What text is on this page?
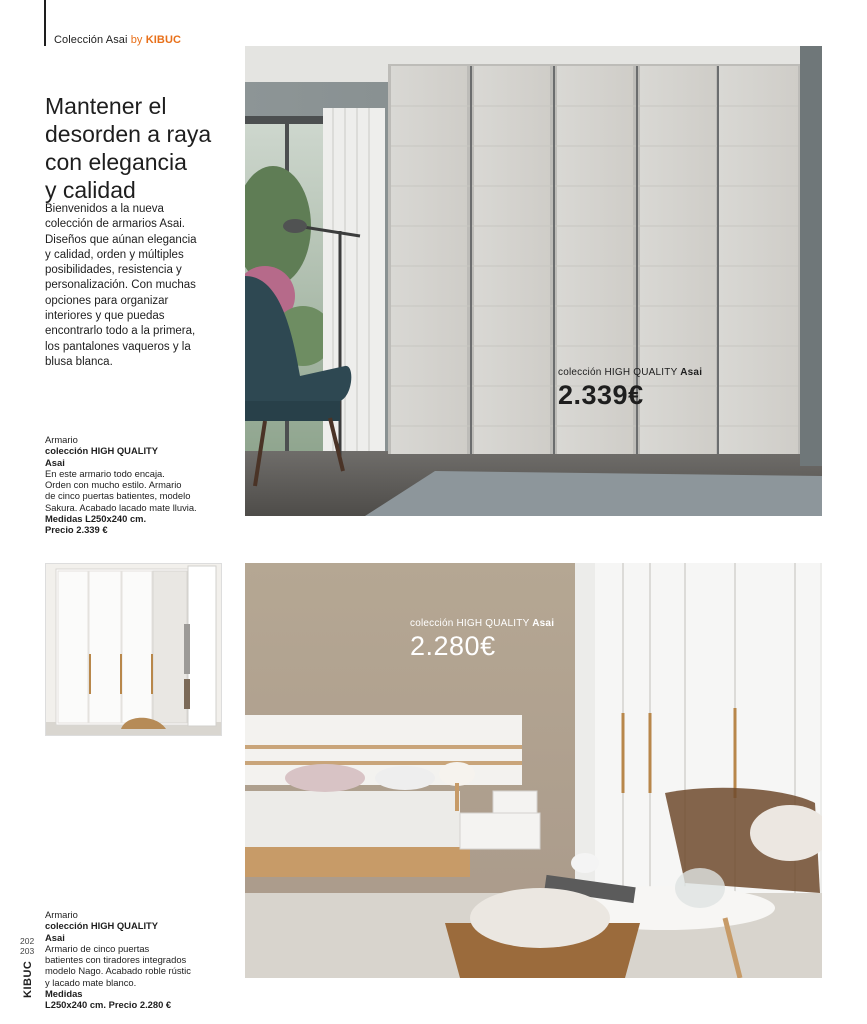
Colección Asai by KIBUC
Mantener el
desorden a raya
con elegancia
y calidad
Bienvenidos a la nueva
colección de armarios Asai.
Diseños que aúnan elegancia
y calidad, orden y múltiples
posibilidades, resistencia y
personalización. Con muchas
opciones para organizar
interiores y que puedas
encontrarlo todo a la primera,
los pantalones vaqueros y la
blusa blanca.
Armario
colección HIGH QUALITY
Asai
En este armario todo encaja.
Orden con mucho estilo. Armario
de cinco puertas batientes, modelo
Sakura. Acabado lacado mate lluvia.
Medidas L250x240 cm.
Precio 2.339 €
colección HIGH QUALITY Asai
2.339€
colección HIGH QUALITY Asai
2.280€
Armario
colección HIGH QUALITY
Asai
Armario de cinco puertas
batientes con tiradores integrados
modelo Nago. Acabado roble rústic
y lacado mate blanco.
Medidas
L250x240 cm. Precio 2.280 €
202
203
KIBUC
